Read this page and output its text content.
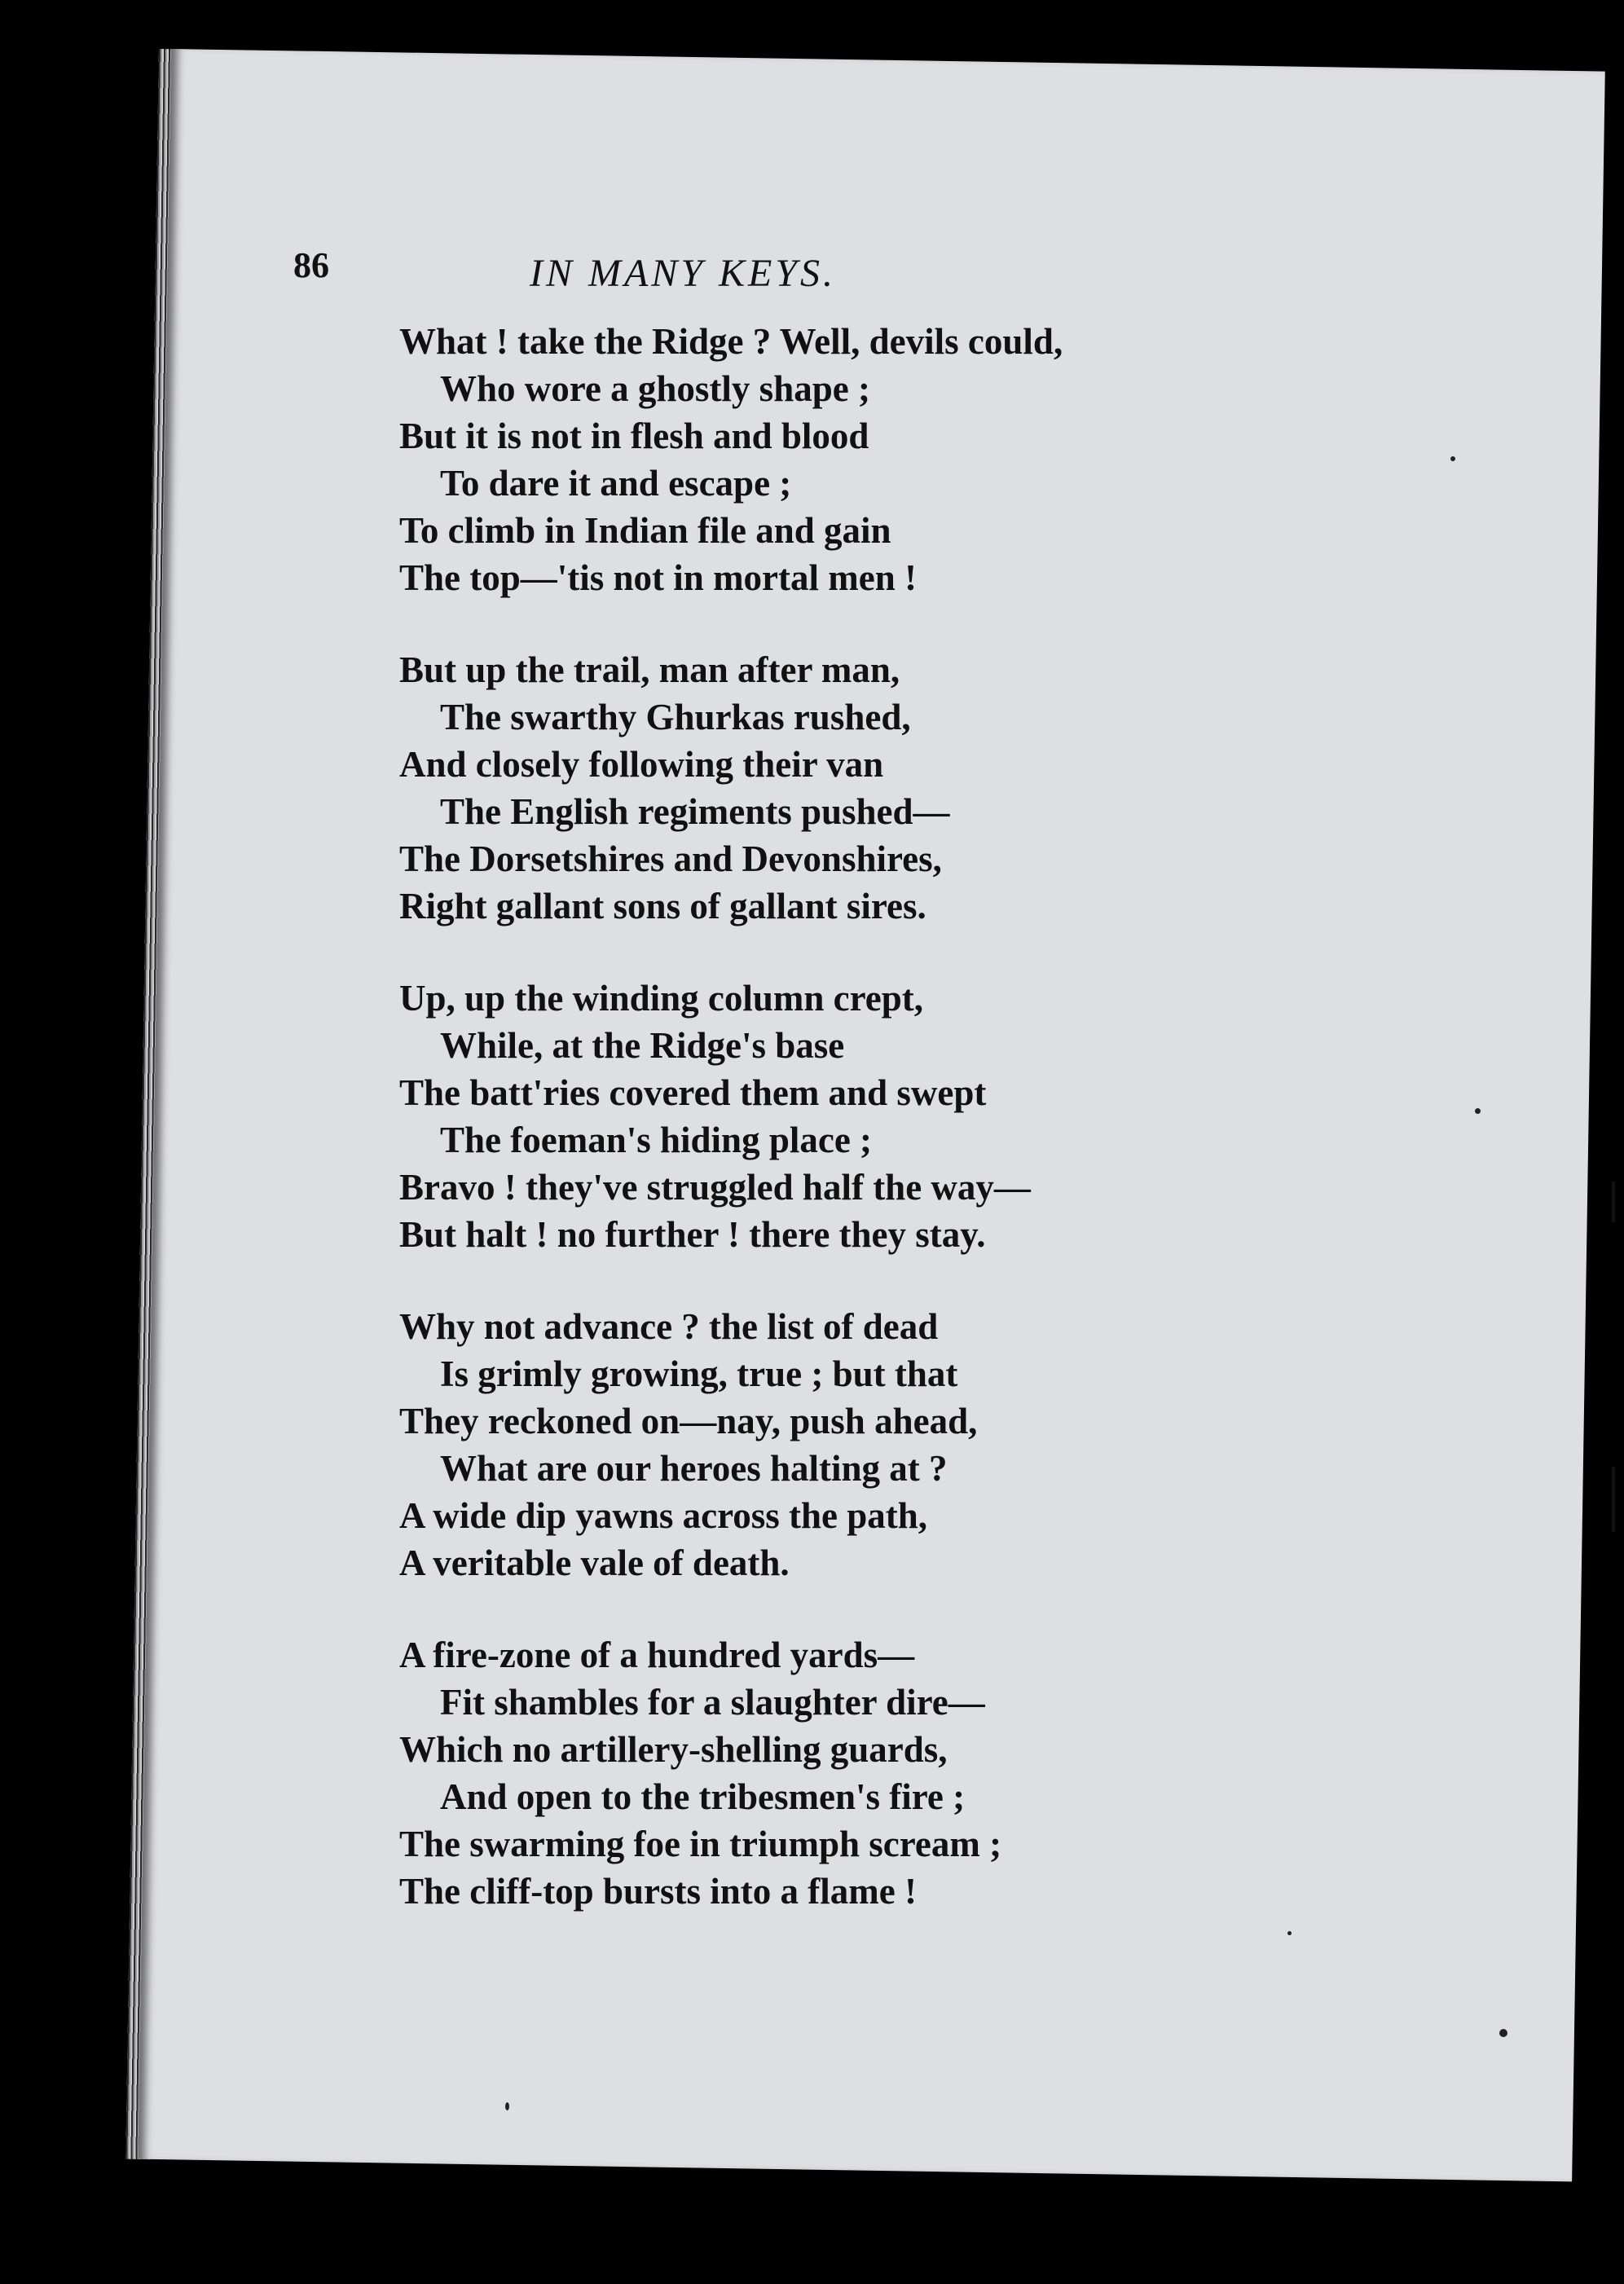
86	IN MANY KEYS.
What ! take the Ridge ? Well, devils could,
Who wore a ghostly shape ;
But it is not in flesh and blood
To dare it and escape ;
To climb in Indian file and gain
The top—'tis not in mortal men !
But up the trail, man after man,
The swarthy Ghurkas rushed,
And closely following their van
The English regiments pushed—
The Dorsetshires and Devonshires,
Right gallant sons of gallant sires.
Up, up the winding column crept,
While, at the Ridge's base
The batt'ries covered them and swept
The foeman's hiding place ;
Bravo ! they've struggled half the way—
But halt ! no further ! there they stay.
Why not advance ? the list of dead
Is grimly growing, true ; but that
They reckoned on—nay, push ahead,
What are our heroes halting at ?
A wide dip yawns across the path,
A veritable vale of death.
A fire-zone of a hundred yards—
Fit shambles for a slaughter dire—
Which no artillery-shelling guards,
And open to the tribesmen's fire ;
The swarming foe in triumph scream ;
The cliff-top bursts into a flame !
